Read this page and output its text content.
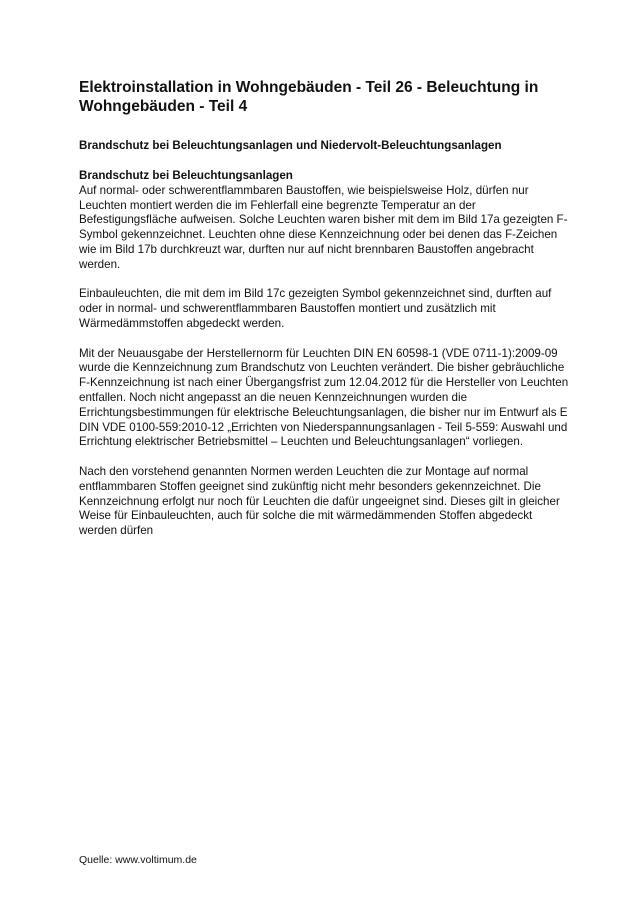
Elektroinstallation in Wohngebäuden - Teil 26 - Beleuchtung in Wohngebäuden - Teil 4
Brandschutz bei Beleuchtungsanlagen und Niedervolt-Beleuchtungsanlagen
Brandschutz bei Beleuchtungsanlagen

Auf normal- oder schwerentflammbaren Baustoffen, wie beispielsweise Holz, dürfen nur Leuchten montiert werden die im Fehlerfall eine begrenzte Temperatur an der Befestigungsfläche aufweisen. Solche Leuchten waren bisher mit dem im Bild 17a gezeigten F-Symbol gekennzeichnet. Leuchten ohne diese Kennzeichnung oder bei denen das F-Zeichen wie im Bild 17b durchkreuzt war, durften nur auf nicht brennbaren Baustoffen angebracht werden.

Einbauleuchten, die mit dem im Bild 17c gezeigten Symbol gekennzeichnet sind, durften auf oder in normal- und schwerentflammbaren Baustoffen montiert und zusätzlich mit Wärmedämmstoffen abgedeckt werden.

Mit der Neuausgabe der Herstellernorm für Leuchten DIN EN 60598-1 (VDE 0711-1):2009-09 wurde die Kennzeichnung zum Brandschutz von Leuchten verändert. Die bisher gebräuchliche F-Kennzeichnung ist nach einer Übergangsfrist zum 12.04.2012 für die Hersteller von Leuchten entfallen. Noch nicht angepasst an die neuen Kennzeichnungen wurden die Errichtungsbestimmungen für elektrische Beleuchtungsanlagen, die bisher nur im Entwurf als E DIN VDE 0100-559:2010-12 „Errichten von Niederspannungsanlagen - Teil 5-559: Auswahl und Errichtung elektrischer Betriebsmittel – Leuchten und Beleuchtungsanlagen“ vorliegen.

Nach den vorstehend genannten Normen werden Leuchten die zur Montage auf normal entflammbaren Stoffen geeignet sind zukünftig nicht mehr besonders gekennzeichnet. Die Kennzeichnung erfolgt nur noch für Leuchten die dafür ungeeignet sind. Dieses gilt in gleicher Weise für Einbauleuchten, auch für solche die mit wärmedämmenden Stoffen abgedeckt werden dürfen

Quelle: www.voltimum.de
